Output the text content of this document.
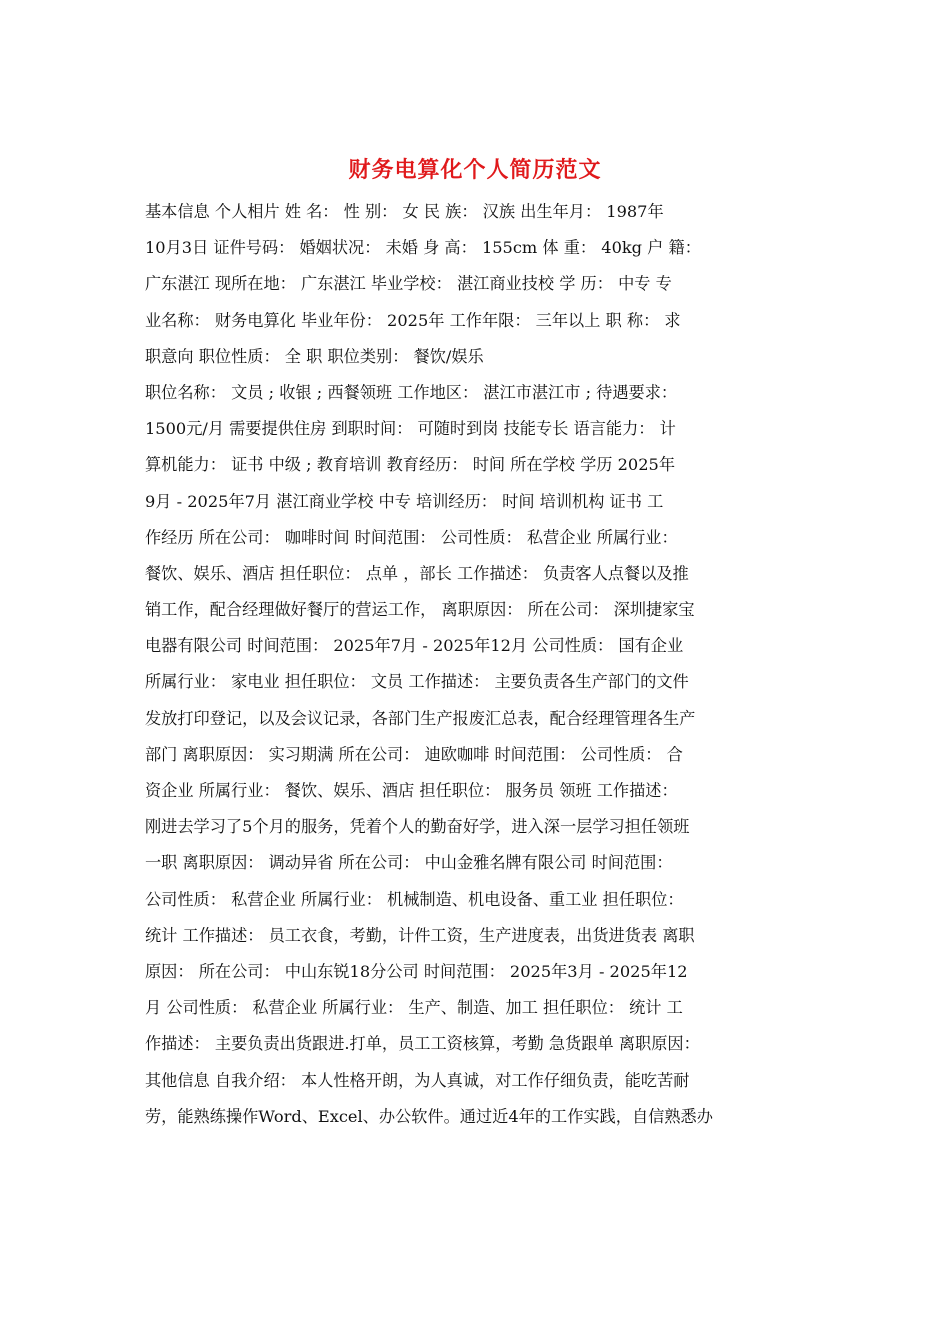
财务电算化个人简历范文
基本信息 个人相片 姓 名： 性 别： 女 民 族： 汉族 出生年月： 1987年
10月3日 证件号码： 婚姻状况： 未婚 身 高： 155cm 体 重： 40kg 户 籍：
广东湛江 现所在地： 广东湛江 毕业学校： 湛江商业技校 学 历： 中专 专
业名称： 财务电算化 毕业年份： 2025年 工作年限： 三年以上 职 称： 求
职意向 职位性质： 全 职 职位类别： 餐饮/娱乐
职位名称： 文员 ; 收银 ; 西餐领班 工作地区： 湛江市湛江市 ; 待遇要求：
1500元/月 需要提供住房 到职时间： 可随时到岗 技能专长 语言能力： 计
算机能力： 证书 中级 ; 教育培训 教育经历： 时间 所在学校 学历 2025年
9月 - 2025年7月 湛江商业学校 中专 培训经历： 时间 培训机构 证书 工
作经历 所在公司： 咖啡时间 时间范围： 公司性质： 私营企业 所属行业：
餐饮、娱乐、酒店 担任职位： 点单 ，部长 工作描述： 负责客人点餐以及推
销工作，配合经理做好餐厅的营运工作， 离职原因： 所在公司： 深圳捷家宝
电器有限公司 时间范围： 2025年7月 - 2025年12月 公司性质： 国有企业
所属行业： 家电业 担任职位： 文员 工作描述： 主要负责各生产部门的文件
发放打印登记，以及会议记录，各部门生产报废汇总表，配合经理管理各生产
部门 离职原因： 实习期满 所在公司： 迪欧咖啡 时间范围： 公司性质： 合
资企业 所属行业： 餐饮、娱乐、酒店 担任职位： 服务员 领班 工作描述：
刚进去学习了5个月的服务，凭着个人的勤奋好学，进入深一层学习担任领班
一职 离职原因： 调动异省 所在公司： 中山金雅名牌有限公司 时间范围：
公司性质： 私营企业 所属行业： 机械制造、机电设备、重工业 担任职位：
统计 工作描述： 员工衣食，考勤，计件工资，生产进度表，出货进货表 离职
原因： 所在公司： 中山东锐18分公司 时间范围： 2025年3月 - 2025年12
月 公司性质： 私营企业 所属行业： 生产、制造、加工 担任职位： 统计 工
作描述： 主要负责出货跟进.打单，员工工资核算，考勤 急货跟单 离职原因：
其他信息 自我介绍： 本人性格开朗，为人真诚，对工作仔细负责，能吃苦耐
劳，能熟练操作Word、Excel、办公软件。通过近4年的工作实践，自信熟悉办
